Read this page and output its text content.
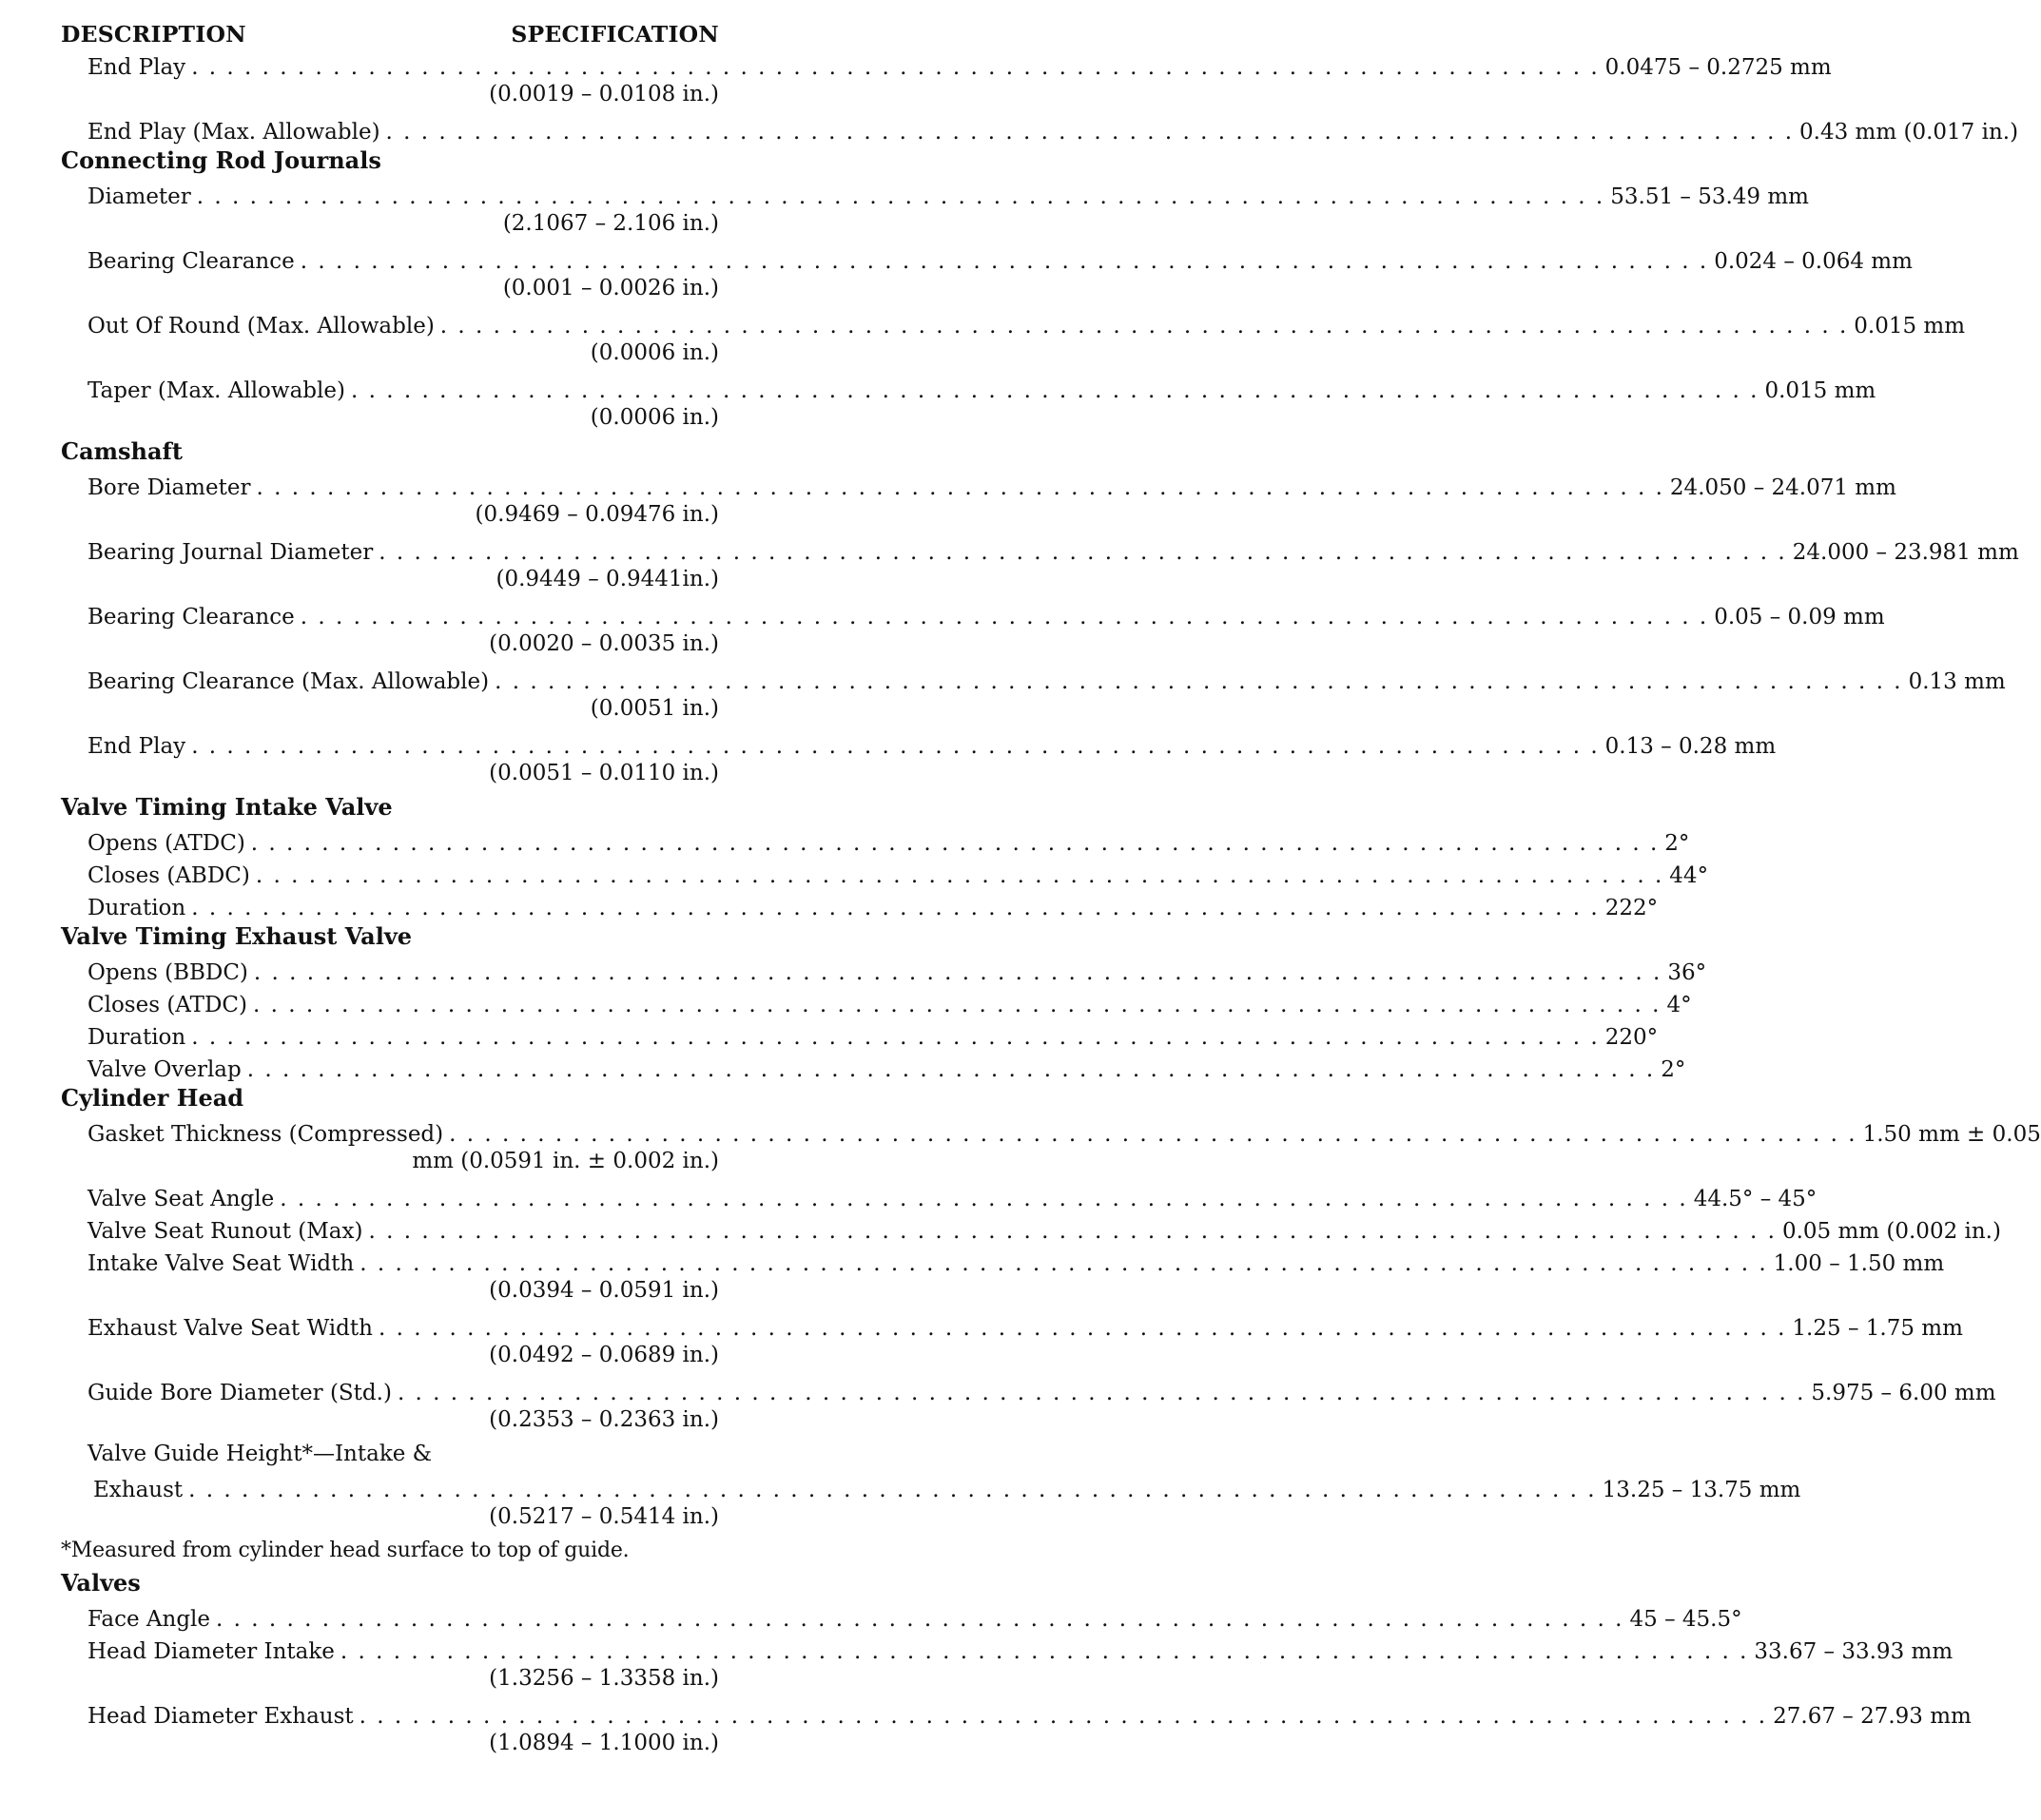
DESCRIPTION	SPECIFICATION
End Play . . . . . . . . . . . . . . . . . . . . . . . . . . . . . . . . . . . . . . . . . . . . . . . . . . . . . . . . . . . . . . . . . . . . . . . . . . . . . . . . 0.0475 – 0.2725 mm
(0.0019 – 0.0108 in.)
End Play (Max. Allowable) . . . . . . . . . . . . . . . . . . . . . . . . . . . . . . . . . . . . . . . . . . . . . . . . . . . . . . . . . . . . . . . . . . . . . . . . . . . . . . . . 0.43 mm (0.017 in.)
Connecting Rod Journals
Diameter . . . . . . . . . . . . . . . . . . . . . . . . . . . . . . . . . . . . . . . . . . . . . . . . . . . . . . . . . . . . . . . . . . . . . . . . . . . . . . . . 53.51 – 53.49 mm
(2.1067 – 2.106 in.)
Bearing Clearance . . . . . . . . . . . . . . . . . . . . . . . . . . . . . . . . . . . . . . . . . . . . . . . . . . . . . . . . . . . . . . . . . . . . . . . . . . . . . . . . 0.024 – 0.064 mm
(0.001 – 0.0026 in.)
Out Of Round (Max. Allowable) . . . . . . . . . . . . . . . . . . . . . . . . . . . . . . . . . . . . . . . . . . . . . . . . . . . . . . . . . . . . . . . . . . . . . . . . . . . . . . . . 0.015 mm
(0.0006 in.)
Taper (Max. Allowable) . . . . . . . . . . . . . . . . . . . . . . . . . . . . . . . . . . . . . . . . . . . . . . . . . . . . . . . . . . . . . . . . . . . . . . . . . . . . . . . . 0.015 mm
(0.0006 in.)
Camshaft
Bore Diameter . . . . . . . . . . . . . . . . . . . . . . . . . . . . . . . . . . . . . . . . . . . . . . . . . . . . . . . . . . . . . . . . . . . . . . . . . . . . . . . . 24.050 – 24.071 mm
(0.9469 – 0.09476 in.)
Bearing Journal Diameter . . . . . . . . . . . . . . . . . . . . . . . . . . . . . . . . . . . . . . . . . . . . . . . . . . . . . . . . . . . . . . . . . . . . . . . . . . . . . . . . 24.000 – 23.981 mm
(0.9449 – 0.9441in.)
Bearing Clearance . . . . . . . . . . . . . . . . . . . . . . . . . . . . . . . . . . . . . . . . . . . . . . . . . . . . . . . . . . . . . . . . . . . . . . . . . . . . . . . . 0.05 – 0.09 mm
(0.0020 – 0.0035 in.)
Bearing Clearance (Max. Allowable) . . . . . . . . . . . . . . . . . . . . . . . . . . . . . . . . . . . . . . . . . . . . . . . . . . . . . . . . . . . . . . . . . . . . . . . . . . . . . . . . 0.13 mm
(0.0051 in.)
End Play . . . . . . . . . . . . . . . . . . . . . . . . . . . . . . . . . . . . . . . . . . . . . . . . . . . . . . . . . . . . . . . . . . . . . . . . . . . . . . . . 0.13 – 0.28 mm
(0.0051 – 0.0110 in.)
Valve Timing Intake Valve
Opens (ATDC) . . . . . . . . . . . . . . . . . . . . . . . . . . . . . . . . . . . . . . . . . . . . . . . . . . . . . . . . . . . . . . . . . . . . . . . . . . . . . . . . 2°
Closes (ABDC) . . . . . . . . . . . . . . . . . . . . . . . . . . . . . . . . . . . . . . . . . . . . . . . . . . . . . . . . . . . . . . . . . . . . . . . . . . . . . . . . 44°
Duration . . . . . . . . . . . . . . . . . . . . . . . . . . . . . . . . . . . . . . . . . . . . . . . . . . . . . . . . . . . . . . . . . . . . . . . . . . . . . . . . 222°
Valve Timing Exhaust Valve
Opens (BBDC) . . . . . . . . . . . . . . . . . . . . . . . . . . . . . . . . . . . . . . . . . . . . . . . . . . . . . . . . . . . . . . . . . . . . . . . . . . . . . . . . 36°
Closes (ATDC) . . . . . . . . . . . . . . . . . . . . . . . . . . . . . . . . . . . . . . . . . . . . . . . . . . . . . . . . . . . . . . . . . . . . . . . . . . . . . . . . 4°
Duration . . . . . . . . . . . . . . . . . . . . . . . . . . . . . . . . . . . . . . . . . . . . . . . . . . . . . . . . . . . . . . . . . . . . . . . . . . . . . . . . 220°
Valve Overlap . . . . . . . . . . . . . . . . . . . . . . . . . . . . . . . . . . . . . . . . . . . . . . . . . . . . . . . . . . . . . . . . . . . . . . . . . . . . . . . . 2°
Cylinder Head
Gasket Thickness (Compressed) . . . . . . . . . . . . . . . . . . . . . . . . . . . . . . . . . . . . . . . . . . . . . . . . . . . . . . . . . . . . . . . . . . . . . . . . . . . . . . . . 1.50 mm ± 0.05
mm (0.0591 in. ± 0.002 in.)
Valve Seat Angle . . . . . . . . . . . . . . . . . . . . . . . . . . . . . . . . . . . . . . . . . . . . . . . . . . . . . . . . . . . . . . . . . . . . . . . . . . . . . . . . 44.5° – 45°
Valve Seat Runout (Max) . . . . . . . . . . . . . . . . . . . . . . . . . . . . . . . . . . . . . . . . . . . . . . . . . . . . . . . . . . . . . . . . . . . . . . . . . . . . . . . . 0.05 mm (0.002 in.)
Intake Valve Seat Width . . . . . . . . . . . . . . . . . . . . . . . . . . . . . . . . . . . . . . . . . . . . . . . . . . . . . . . . . . . . . . . . . . . . . . . . . . . . . . . . 1.00 – 1.50 mm
(0.0394 – 0.0591 in.)
Exhaust Valve Seat Width . . . . . . . . . . . . . . . . . . . . . . . . . . . . . . . . . . . . . . . . . . . . . . . . . . . . . . . . . . . . . . . . . . . . . . . . . . . . . . . . 1.25 – 1.75 mm
(0.0492 – 0.0689 in.)
Guide Bore Diameter (Std.) . . . . . . . . . . . . . . . . . . . . . . . . . . . . . . . . . . . . . . . . . . . . . . . . . . . . . . . . . . . . . . . . . . . . . . . . . . . . . . . . 5.975 – 6.00 mm
(0.2353 – 0.2363 in.)
Valve Guide Height*—Intake &
Exhaust . . . . . . . . . . . . . . . . . . . . . . . . . . . . . . . . . . . . . . . . . . . . . . . . . . . . . . . . . . . . . . . . . . . . . . . . . . . . . . . . 13.25 – 13.75 mm
(0.5217 – 0.5414 in.)
*Measured from cylinder head surface to top of guide.
Valves
Face Angle . . . . . . . . . . . . . . . . . . . . . . . . . . . . . . . . . . . . . . . . . . . . . . . . . . . . . . . . . . . . . . . . . . . . . . . . . . . . . . . . 45 – 45.5°
Head Diameter Intake . . . . . . . . . . . . . . . . . . . . . . . . . . . . . . . . . . . . . . . . . . . . . . . . . . . . . . . . . . . . . . . . . . . . . . . . . . . . . . . . 33.67 – 33.93 mm
(1.3256 – 1.3358 in.)
Head Diameter Exhaust . . . . . . . . . . . . . . . . . . . . . . . . . . . . . . . . . . . . . . . . . . . . . . . . . . . . . . . . . . . . . . . . . . . . . . . . . . . . . . . . 27.67 – 27.93 mm
(1.0894 – 1.1000 in.)
